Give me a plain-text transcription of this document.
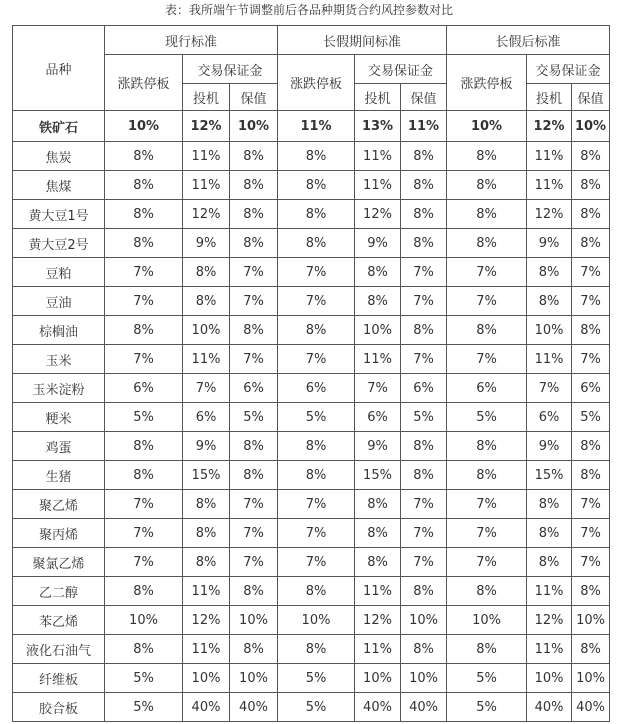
表：我所端午节调整前后各品种期货合约风控参数对比
品种	现行标准			长假期间标准			长假后标准		
	涨跌停板	交易保证金		涨跌停板	交易保证金		涨跌停板	交易保证金	
		投机	保值		投机	保值		投机	保值
铁矿石	10%	12%	10%	11%	13%	11%	10%	12%	10%
焦炭	8%	11%	8%	8%	11%	8%	8%	11%	8%
焦煤	8%	11%	8%	8%	11%	8%	8%	11%	8%
黄大豆1号	8%	12%	8%	8%	12%	8%	8%	12%	8%
黄大豆2号	8%	9%	8%	8%	9%	8%	8%	9%	8%
豆粕	7%	8%	7%	7%	8%	7%	7%	8%	7%
豆油	7%	8%	7%	7%	8%	7%	7%	8%	7%
棕榈油	8%	10%	8%	8%	10%	8%	8%	10%	8%
玉米	7%	11%	7%	7%	11%	7%	7%	11%	7%
玉米淀粉	6%	7%	6%	6%	7%	6%	6%	7%	6%
粳米	5%	6%	5%	5%	6%	5%	5%	6%	5%
鸡蛋	8%	9%	8%	8%	9%	8%	8%	9%	8%
生猪	8%	15%	8%	8%	15%	8%	8%	15%	8%
聚乙烯	7%	8%	7%	7%	8%	7%	7%	8%	7%
聚丙烯	7%	8%	7%	7%	8%	7%	7%	8%	7%
聚氯乙烯	7%	8%	7%	7%	8%	7%	7%	8%	7%
乙二醇	8%	11%	8%	8%	11%	8%	8%	11%	8%
苯乙烯	10%	12%	10%	10%	12%	10%	10%	12%	10%
液化石油气	8%	11%	8%	8%	11%	8%	8%	11%	8%
纤维板	5%	10%	10%	5%	10%	10%	5%	10%	10%
胶合板	5%	40%	40%	5%	40%	40%	5%	40%	40%
